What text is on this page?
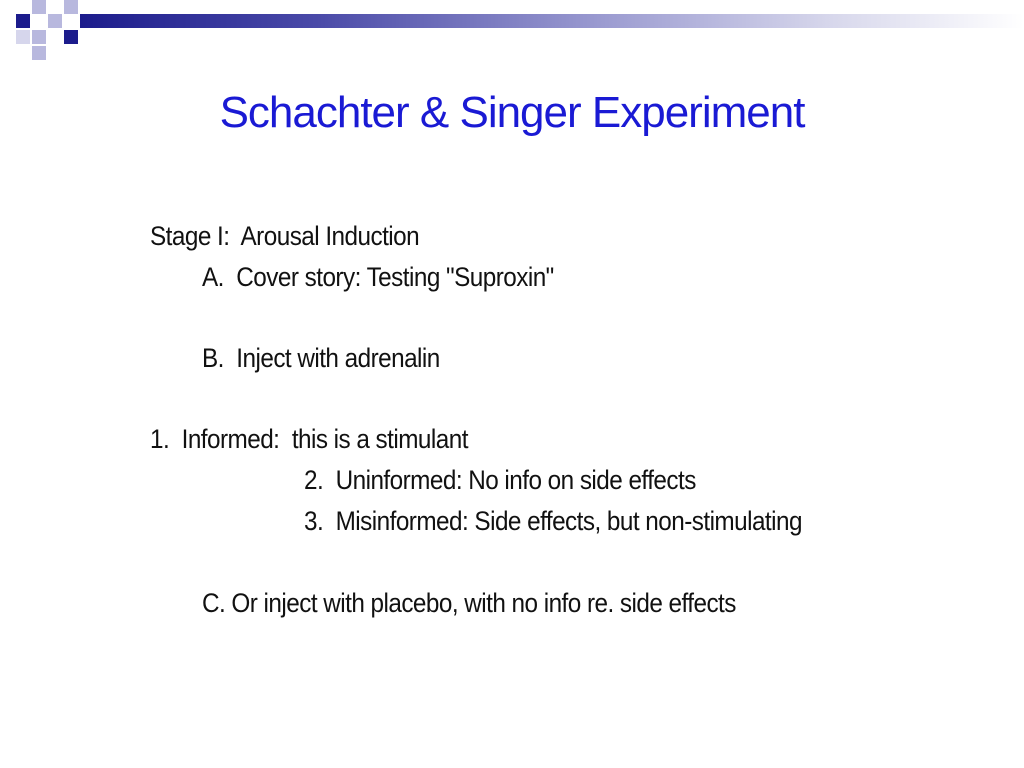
Schachter & Singer Experiment
Stage I:  Arousal Induction
A.  Cover story: Testing "Suproxin"
B.  Inject with adrenalin
1.  Informed:  this is a stimulant
2.  Uninformed: No info on side effects
3.  Misinformed: Side effects, but non-stimulating
C. Or inject with placebo, with no info re. side effects
